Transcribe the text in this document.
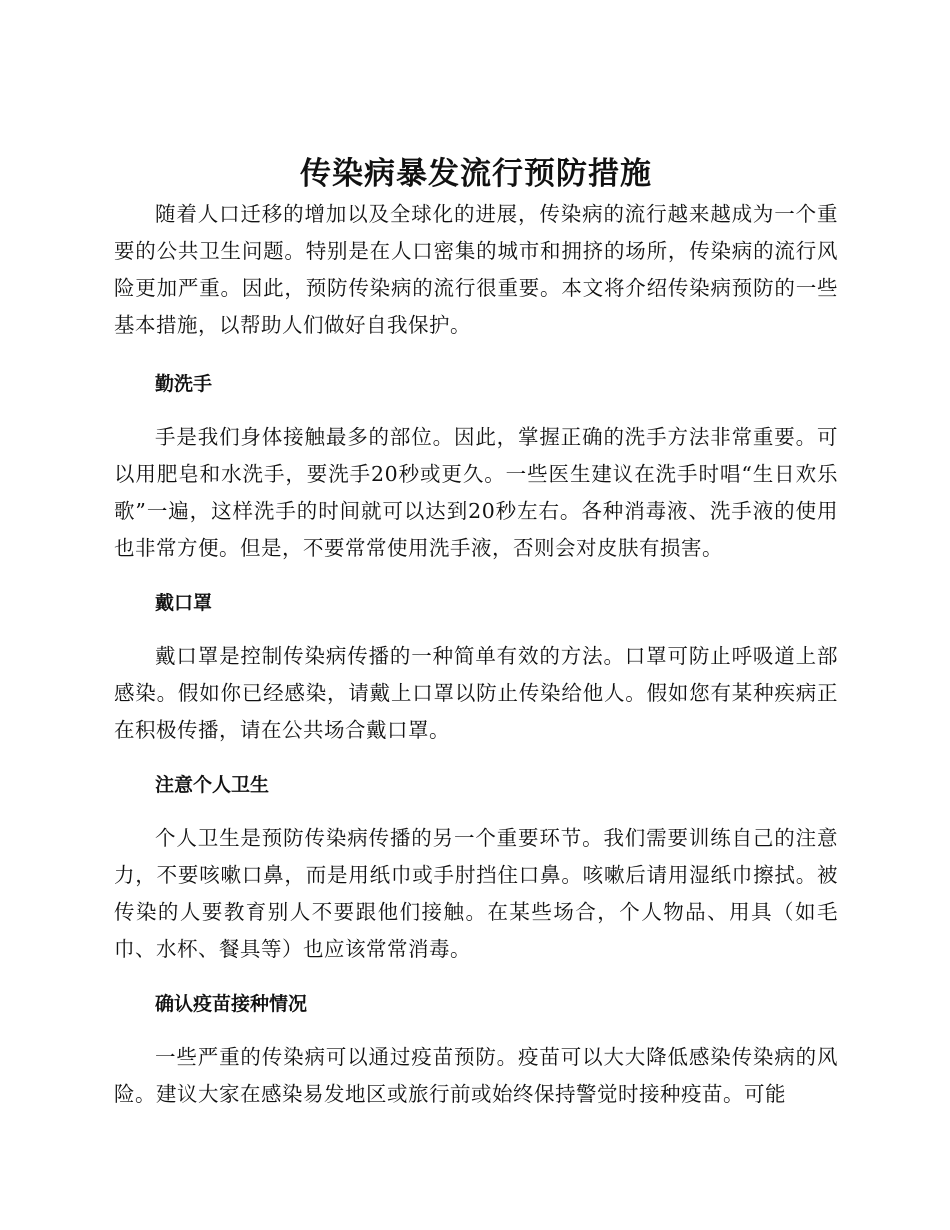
传染病暴发流行预防措施

随着人口迁移的增加以及全球化的进展，传染病的流行越来越成为一个重要的公共卫生问题。特别是在人口密集的城市和拥挤的场所，传染病的流行风险更加严重。因此，预防传染病的流行很重要。本文将介绍传染病预防的一些基本措施，以帮助人们做好自我保护。

勤洗手

手是我们身体接触最多的部位。因此，掌握正确的洗手方法非常重要。可以用肥皂和水洗手，要洗手20秒或更久。一些医生建议在洗手时唱“生日欢乐歌”一遍，这样洗手的时间就可以达到20秒左右。各种消毒液、洗手液的使用也非常方便。但是，不要常常使用洗手液，否则会对皮肤有损害。

戴口罩

戴口罩是控制传染病传播的一种简单有效的方法。口罩可防止呼吸道上部感染。假如你已经感染，请戴上口罩以防止传染给他人。假如您有某种疾病正在积极传播，请在公共场合戴口罩。

注意个人卫生

个人卫生是预防传染病传播的另一个重要环节。我们需要训练自己的注意力，不要咳嗽口鼻，而是用纸巾或手肘挡住口鼻。咳嗽后请用湿纸巾擦拭。被传染的人要教育别人不要跟他们接触。在某些场合，个人物品、用具（如毛巾、水杯、餐具等）也应该常常消毒。

确认疫苗接种情况

一些严重的传染病可以通过疫苗预防。疫苗可以大大降低感染传染病的风险。建议大家在感染易发地区或旅行前或始终保持警觉时接种疫苗。可能
